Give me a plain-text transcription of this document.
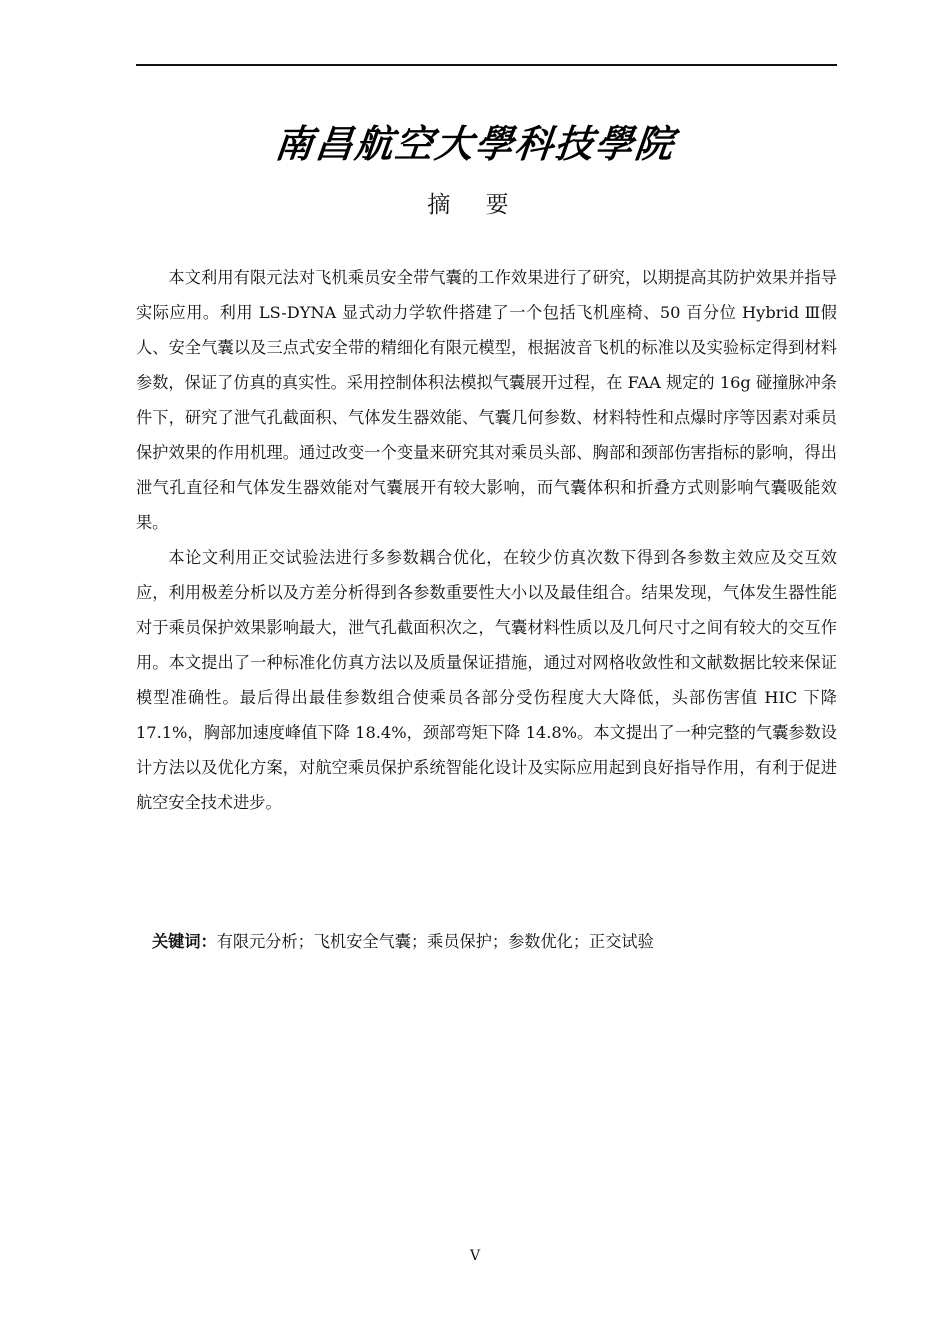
南昌航空大學科技學院
摘 要

本文利用有限元法对飞机乘员安全带气囊的工作效果进行了研究，以期提高其防护效果并指导实际应用。利用 LS-DYNA 显式动力学软件搭建了一个包括飞机座椅、50 百分位 Hybrid Ⅲ假人、安全气囊以及三点式安全带的精细化有限元模型，根据波音飞机的标准以及实验标定得到材料参数，保证了仿真的真实性。采用控制体积法模拟气囊展开过程，在 FAA 规定的 16g 碰撞脉冲条件下，研究了泄气孔截面积、气体发生器效能、气囊几何参数、材料特性和点爆时序等因素对乘员保护效果的作用机理。通过改变一个变量来研究其对乘员头部、胸部和颈部伤害指标的影响，得出泄气孔直径和气体发生器效能对气囊展开有较大影响，而气囊体积和折叠方式则影响气囊吸能效果。

本论文利用正交试验法进行多参数耦合优化，在较少仿真次数下得到各参数主效应及交互效应，利用极差分析以及方差分析得到各参数重要性大小以及最佳组合。结果发现，气体发生器性能对于乘员保护效果影响最大，泄气孔截面积次之，气囊材料性质以及几何尺寸之间有较大的交互作用。本文提出了一种标准化仿真方法以及质量保证措施，通过对网格收敛性和文献数据比较来保证模型准确性。最后得出最佳参数组合使乘员各部分受伤程度大大降低，头部伤害值 HIC 下降 17.1%，胸部加速度峰值下降 18.4%，颈部弯矩下降 14.8%。本文提出了一种完整的气囊参数设计方法以及优化方案，对航空乘员保护系统智能化设计及实际应用起到良好指导作用，有利于促进航空安全技术进步。

关键词：有限元分析；飞机安全气囊；乘员保护；参数优化；正交试验
V
